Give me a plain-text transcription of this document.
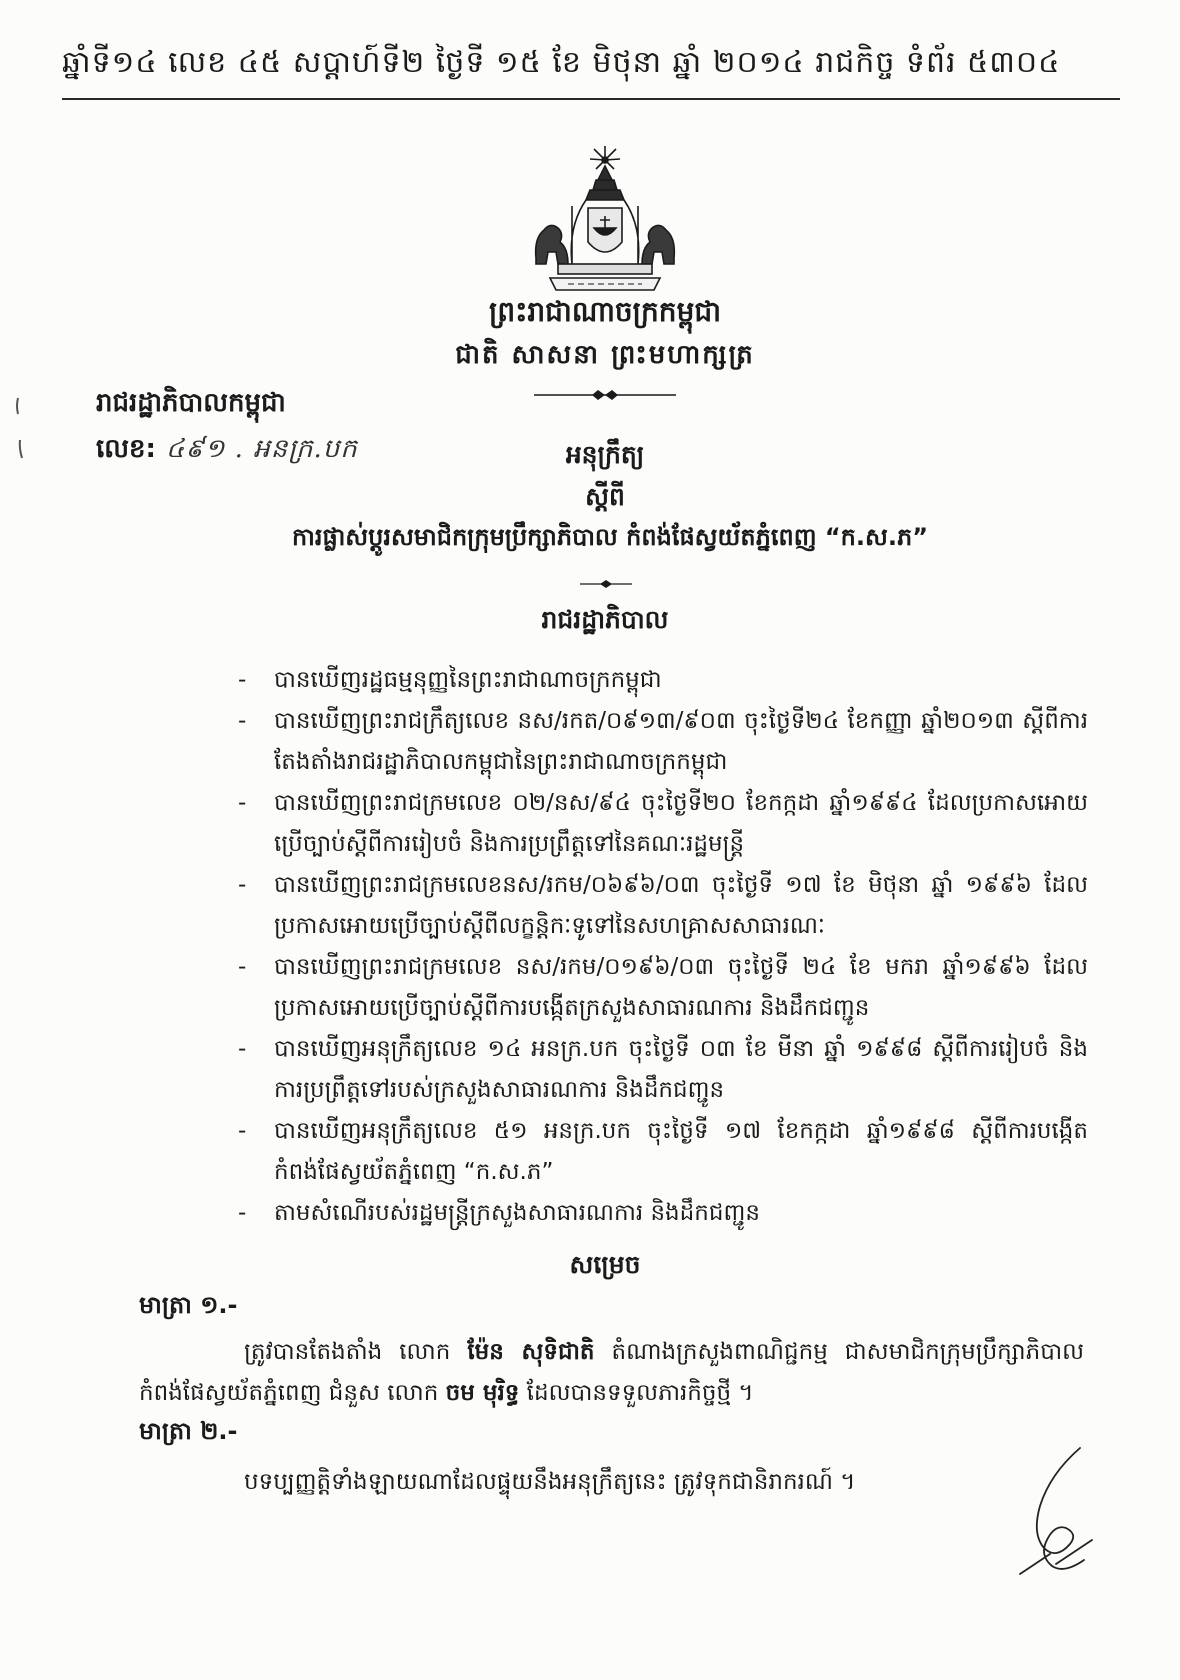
ឆ្នាំទី១៤ លេខ ៤៥ សប្តាហ៍ទី២ ថ្ងៃទី ១៥ ខែ មិថុនា ឆ្នាំ ២០១៤ រាជកិច្ច ទំព័រ ៥៣០៤
ព្រះរាជាណាចក្រកម្ពុជា
ជាតិ សាសនា ព្រះមហាក្សត្រ
រាជរដ្ឋាភិបាលកម្ពុជា
លេខ: ៤៩១ . អនក្រ.បក	អនុក្រឹត្យ
ស្តីពី
ការផ្លាស់ប្តូរសមាជិកក្រុមប្រឹក្សាភិបាល កំពង់ផែស្វយ័តភ្នំពេញ “ក.ស.ភ”
រាជរដ្ឋាភិបាល
-	បានឃើញរដ្ឋធម្មនុញ្ញនៃព្រះរាជាណាចក្រកម្ពុជា
-	បានឃើញព្រះរាជក្រឹត្យលេខ នស/រកត/០៩១៣/៩០៣ ចុះថ្ងៃទី២៤ ខែកញ្ញា ឆ្នាំ២០១៣ ស្តីពីការតែងតាំងរាជរដ្ឋាភិបាលកម្ពុជានៃព្រះរាជាណាចក្រកម្ពុជា
-	បានឃើញព្រះរាជក្រមលេខ ០២/នស/៩៤ ចុះថ្ងៃទី២០ ខែកក្កដា ឆ្នាំ១៩៩៤ ដែលប្រកាសអោយប្រើច្បាប់ស្តីពីការរៀបចំ និងការប្រព្រឹត្តទៅនៃគណៈរដ្ឋមន្ត្រី
-	បានឃើញព្រះរាជក្រមលេខនស/រកម/០៦៩៦/០៣ ចុះថ្ងៃទី ១៧ ខែ មិថុនា ឆ្នាំ ១៩៩៦ ដែលប្រកាសអោយប្រើច្បាប់ស្តីពីលក្ខន្តិកៈទូទៅនៃសហគ្រាសសាធារណៈ
-	បានឃើញព្រះរាជក្រមលេខ នស/រកម/០១៩៦/០៣ ចុះថ្ងៃទី ២៤ ខែ មករា ឆ្នាំ១៩៩៦ ដែលប្រកាសអោយប្រើច្បាប់ស្តីពីការបង្កើតក្រសួងសាធារណការ និងដឹកជញ្ជូន
-	បានឃើញអនុក្រឹត្យលេខ ១៤ អនក្រ.បក ចុះថ្ងៃទី ០៣ ខែ មីនា ឆ្នាំ ១៩៩៨ ស្តីពីការរៀបចំ និងការប្រព្រឹត្តទៅរបស់ក្រសួងសាធារណការ និងដឹកជញ្ជូន
-	បានឃើញអនុក្រឹត្យលេខ ៥១ អនក្រ.បក ចុះថ្ងៃទី ១៧ ខែកក្កដា ឆ្នាំ១៩៩៨ ស្តីពីការបង្កើតកំពង់ផែស្វយ័តភ្នំពេញ “ក.ស.ភ”
-	តាមសំណើរបស់រដ្ឋមន្ត្រីក្រសួងសាធារណការ និងដឹកជញ្ជូន
សម្រេច
មាត្រា ១.-
ត្រូវបានតែងតាំង លោក ម៉ែន សុទិជាតិ តំណាងក្រសួងពាណិជ្ជកម្ម ជាសមាជិកក្រុមប្រឹក្សាភិបាល កំពង់ផែស្វយ័តភ្នំពេញ ជំនួស លោក ចម មុរិទ្ធ ដែលបានទទួលភារកិច្ចថ្មី ។
មាត្រា ២.-
បទប្បញ្ញត្តិទាំងឡាយណាដែលផ្ទុយនឹងអនុក្រឹត្យនេះ ត្រូវទុកជានិរាករណ៍ ។
